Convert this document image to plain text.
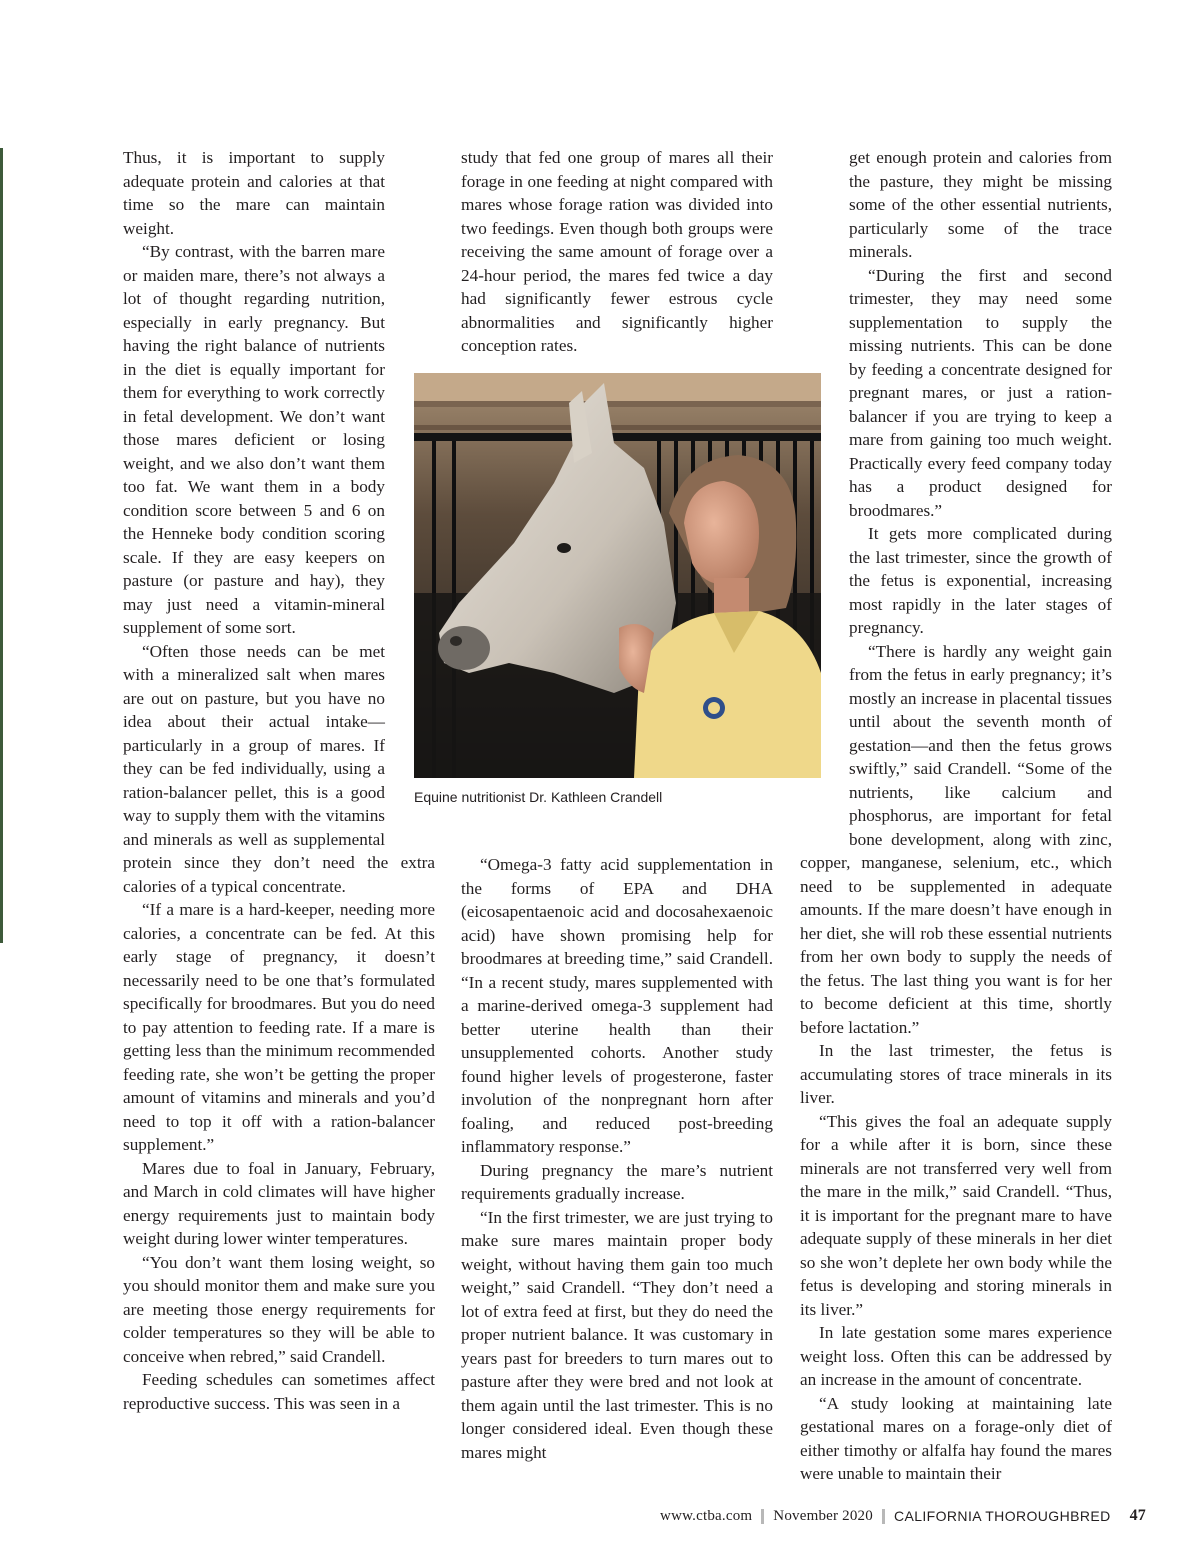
Thus, it is important to supply adequate protein and calories at that time so the mare can maintain weight.

“By contrast, with the barren mare or maiden mare, there’s not always a lot of thought regarding nutrition, especially in early pregnancy. But having the right balance of nutrients in the diet is equally important for them for everything to work correctly in fetal development. We don’t want those mares deficient or losing weight, and we also don’t want them too fat. We want them in a body condition score between 5 and 6 on the Henneke body condition scoring scale. If they are easy keepers on pasture (or pasture and hay), they may just need a vitamin-mineral supplement of some sort.

“Often those needs can be met with a mineralized salt when mares are out on pasture, but you have no idea about their actual intake—particularly in a group of mares. If they can be fed individually, using a ration-balancer pellet, this is a good way to supply them with the vitamins and minerals as well as supplemental protein since they don’t need the extra calories of a typical concentrate.

“If a mare is a hard-keeper, needing more calories, a concentrate can be fed. At this early stage of pregnancy, it doesn’t necessarily need to be one that’s formulated specifically for broodmares. But you do need to pay attention to feeding rate. If a mare is getting less than the minimum recommended feeding rate, she won’t be getting the proper amount of vitamins and minerals and you’d need to top it off with a ration-balancer supplement.”

Mares due to foal in January, February, and March in cold climates will have higher energy requirements just to maintain body weight during lower winter temperatures.

“You don’t want them losing weight, so you should monitor them and make sure you are meeting those energy requirements for colder temperatures so they will be able to conceive when rebred,” said Crandell.

Feeding schedules can sometimes affect reproductive success. This was seen in a

study that fed one group of mares all their forage in one feeding at night compared with mares whose forage ration was divided into two feedings. Even though both groups were receiving the same amount of forage over a 24-hour period, the mares fed twice a day had significantly fewer estrous cycle abnormalities and significantly higher conception rates.

“Omega-3 fatty acid supplementation in the forms of EPA and DHA (eicosapentaenoic acid and docosahexaenoic acid) have shown promising help for broodmares at breeding time,” said Crandell. “In a recent study, mares supplemented with a marine-derived omega-3 supplement had better uterine health than their unsupplemented cohorts. Another study found higher levels of progesterone, faster involution of the nonpregnant horn after foaling, and reduced post-breeding inflammatory response.”

During pregnancy the mare’s nutrient requirements gradually increase.

“In the first trimester, we are just trying to make sure mares maintain proper body weight, without having them gain too much weight,” said Crandell. “They don’t need a lot of extra feed at first, but they do need the proper nutrient balance. It was customary in years past for breeders to turn mares out to pasture after they were bred and not look at them again until the last trimester. This is no longer considered ideal. Even though these mares might

get enough protein and calories from the pasture, they might be missing some of the other essential nutrients, particularly some of the trace minerals.

“During the first and second trimester, they may need some supplementation to supply the missing nutrients. This can be done by feeding a concentrate designed for pregnant mares, or just a ration-balancer if you are trying to keep a mare from gaining too much weight. Practically every feed company today has a product designed for broodmares.”

It gets more complicated during the last trimester, since the growth of the fetus is exponential, increasing most rapidly in the later stages of pregnancy.

“There is hardly any weight gain from the fetus in early pregnancy; it’s mostly an increase in placental tissues until about the seventh month of gestation—and then the fetus grows swiftly,” said Crandell. “Some of the nutrients, like calcium and phosphorus, are important for fetal bone development, along with zinc, copper, manganese, selenium, etc., which need to be supplemented in adequate amounts. If the mare doesn’t have enough in her diet, she will rob these essential nutrients from her own body to supply the needs of the fetus. The last thing you want is for her to become deficient at this time, shortly before lactation.”

In the last trimester, the fetus is accumulating stores of trace minerals in its liver.

“This gives the foal an adequate supply for a while after it is born, since these minerals are not transferred very well from the mare in the milk,” said Crandell. “Thus, it is important for the pregnant mare to have adequate supply of these minerals in her diet so she won’t deplete her own body while the fetus is developing and storing minerals in its liver.”

In late gestation some mares experience weight loss. Often this can be addressed by an increase in the amount of concentrate.

“A study looking at maintaining late gestational mares on a forage-only diet of either timothy or alfalfa hay found the mares were unable to maintain their

Equine nutritionist Dr. Kathleen Crandell
www.ctba.com November 2020 CALIFORNIA THOROUGHBRED 47
